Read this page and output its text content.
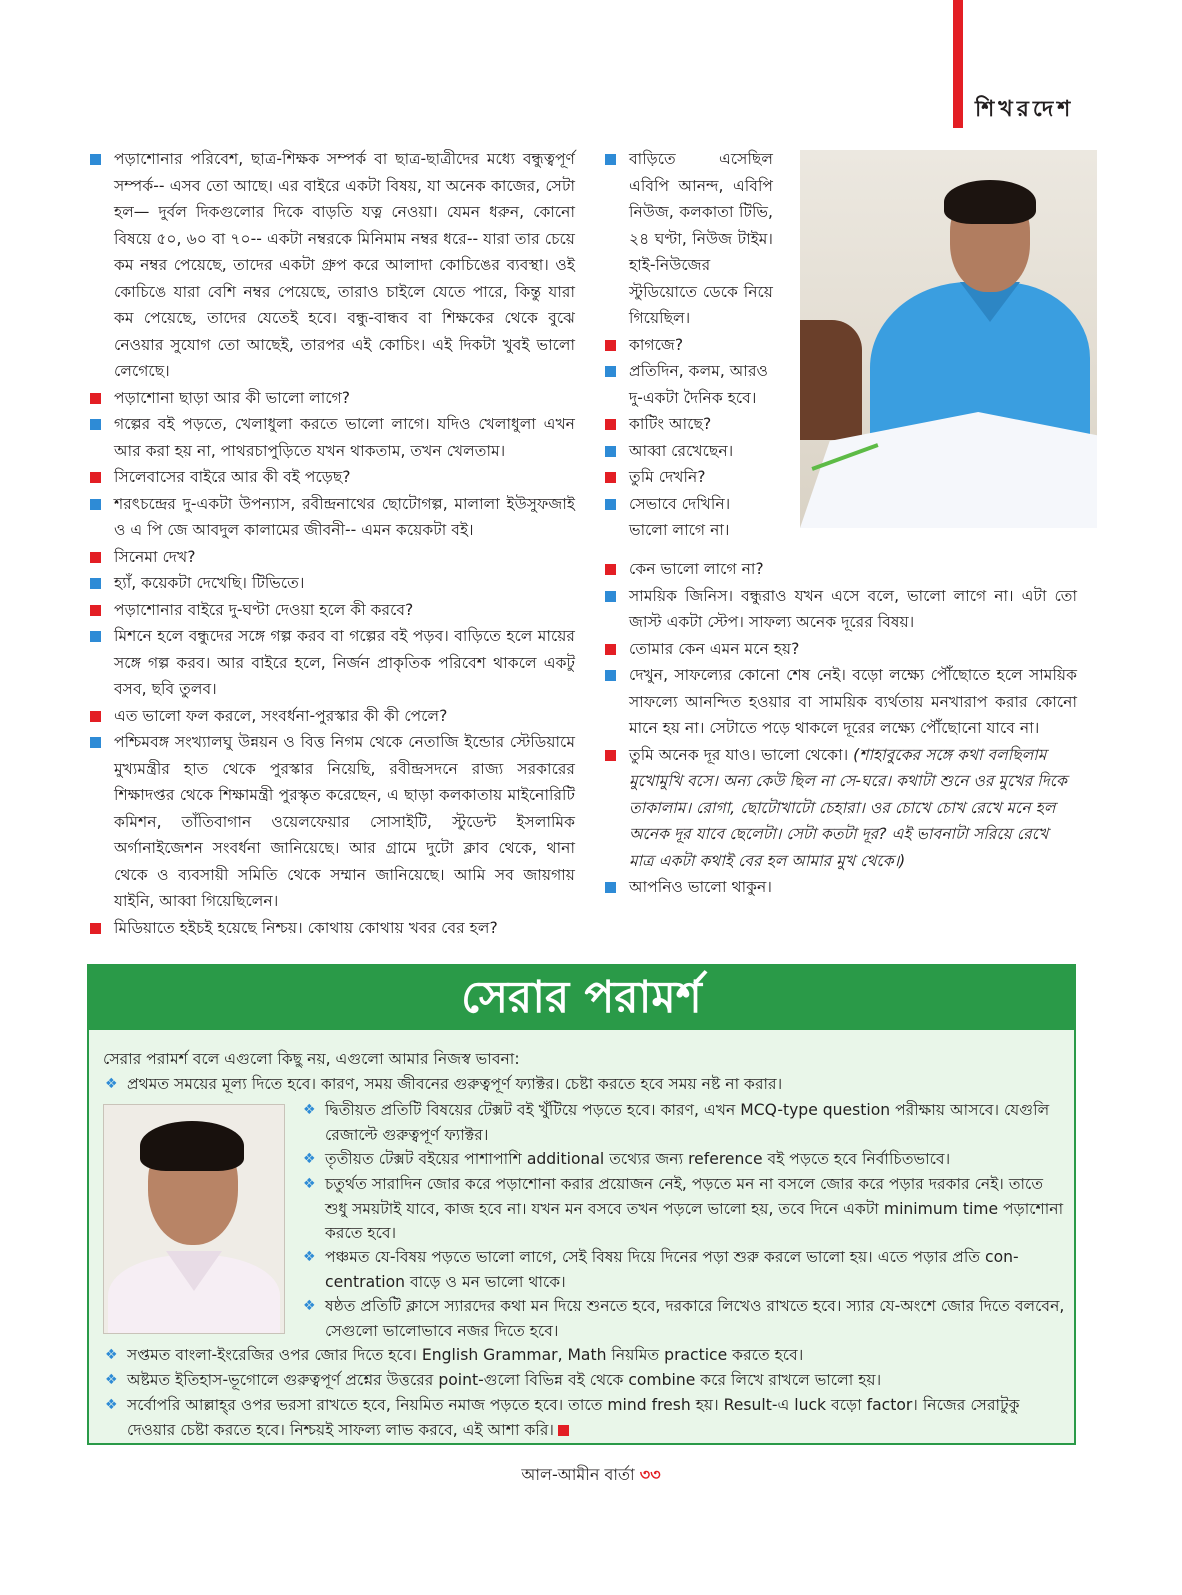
শিখরদেশ

পড়াশোনার পরিবেশ, ছাত্র-শিক্ষক সম্পর্ক বা ছাত্র-ছাত্রীদের মধ্যে বন্ধুত্বপূর্ণ সম্পর্ক-- এসব তো আছে। এর বাইরে একটা বিষয়, যা অনেক কাজের, সেটা হল— দুর্বল দিকগুলোর দিকে বাড়তি যত্ন নেওয়া। যেমন ধরুন, কোনো বিষয়ে ৫০, ৬০ বা ৭০-- একটা নম্বরকে মিনিমাম নম্বর ধরে-- যারা তার চেয়ে কম নম্বর পেয়েছে, তাদের একটা গ্রুপ করে আলাদা কোচিঙের ব্যবস্থা। ওই কোচিঙে যারা বেশি নম্বর পেয়েছে, তারাও চাইলে যেতে পারে, কিন্তু যারা কম পেয়েছে, তাদের যেতেই হবে। বন্ধু-বান্ধব বা শিক্ষকের থেকে বুঝে নেওয়ার সুযোগ তো আছেই, তারপর এই কোচিং। এই দিকটা খুবই ভালো লেগেছে।

পড়াশোনা ছাড়া আর কী ভালো লাগে?

গল্পের বই পড়তে, খেলাধুলা করতে ভালো লাগে। যদিও খেলাধুলা এখন আর করা হয় না, পাথরচাপুড়িতে যখন থাকতাম, তখন খেলতাম।

সিলেবাসের বাইরে আর কী বই পড়েছ?

শরৎচন্দ্রের দু-একটা উপন্যাস, রবীন্দ্রনাথের ছোটোগল্প, মালালা ইউসুফজাই ও এ পি জে আবদুল কালামের জীবনী-- এমন কয়েকটা বই।

সিনেমা দেখ?

হ্যাঁ, কয়েকটা দেখেছি। টিভিতে।

পড়াশোনার বাইরে দু-ঘণ্টা দেওয়া হলে কী করবে?

মিশনে হলে বন্ধুদের সঙ্গে গল্প করব বা গল্পের বই পড়ব। বাড়িতে হলে মায়ের সঙ্গে গল্প করব। আর বাইরে হলে, নির্জন প্রাকৃতিক পরিবেশ থাকলে একটু বসব, ছবি তুলব।

এত ভালো ফল করলে, সংবর্ধনা-পুরস্কার কী কী পেলে?

পশ্চিমবঙ্গ সংখ্যালঘু উন্নয়ন ও বিত্ত নিগম থেকে নেতাজি ইন্ডোর স্টেডিয়ামে মুখ্যমন্ত্রীর হাত থেকে পুরস্কার নিয়েছি, রবীন্দ্রসদনে রাজ্য সরকারের শিক্ষাদপ্তর থেকে শিক্ষামন্ত্রী পুরস্কৃত করেছেন, এ ছাড়া কলকাতায় মাইনোরিটি কমিশন, তাঁতিবাগান ওয়েলফেয়ার সোসাইটি, স্টুডেন্ট ইসলামিক অর্গানাইজেশন সংবর্ধনা জানিয়েছে। আর গ্রামে দুটো ক্লাব থেকে, থানা থেকে ও ব্যবসায়ী সমিতি থেকে সম্মান জানিয়েছে। আমি সব জায়গায় যাইনি, আব্বা গিয়েছিলেন।

মিডিয়াতে হইচই হয়েছে নিশ্চয়। কোথায় কোথায় খবর বের হল?

বাড়িতে এসেছিল এবিপি আনন্দ, এবিপি নিউজ, কলকাতা টিভি, ২৪ ঘণ্টা, নিউজ টাইম। হাই-নিউজের স্টুডিয়োতে ডেকে নিয়ে গিয়েছিল।

কাগজে?

প্রতিদিন, কলম, আরও দু-একটা দৈনিক হবে।

কাটিং আছে?

আব্বা রেখেছেন।

তুমি দেখনি?

সেভাবে দেখিনি। ভালো লাগে না।

কেন ভালো লাগে না?

সাময়িক জিনিস। বন্ধুরাও যখন এসে বলে, ভালো লাগে না। এটা তো জাস্ট একটা স্টেপ। সাফল্য অনেক দূরের বিষয়।

তোমার কেন এমন মনে হয়?

দেখুন, সাফল্যের কোনো শেষ নেই। বড়ো লক্ষ্যে পৌঁছোতে হলে সাময়িক সাফল্যে আনন্দিত হওয়ার বা সাময়িক ব্যর্থতায় মনখারাপ করার কোনো মানে হয় না। সেটাতে পড়ে থাকলে দূরের লক্ষ্যে পৌঁছোনো যাবে না।

তুমি অনেক দূর যাও। ভালো থেকো। (শাহাবুকের সঙ্গে কথা বলছিলাম মুখোমুখি বসে। অন্য কেউ ছিল না সে-ঘরে। কথাটা শুনে ওর মুখের দিকে তাকালাম। রোগা, ছোটোখাটো চেহারা। ওর চোখে চোখ রেখে মনে হল অনেক দূর যাবে ছেলেটা। সেটা কতটা দূর? এই ভাবনাটা সরিয়ে রেখে মাত্র একটা কথাই বের হল আমার মুখ থেকে।)

আপনিও ভালো থাকুন।

সেরার পরামর্শ
সেরার পরামর্শ বলে এগুলো কিছু নয়, এগুলো আমার নিজস্ব ভাবনা:
❖ প্রথমত সময়ের মূল্য দিতে হবে। কারণ, সময় জীবনের গুরুত্বপূর্ণ ফ্যাক্টর। চেষ্টা করতে হবে সময় নষ্ট না করার।
❖ দ্বিতীয়ত প্রতিটি বিষয়ের টেক্সট বই খুঁটিয়ে পড়তে হবে। কারণ, এখন MCQ-type question পরীক্ষায় আসবে। যেগুলি রেজাল্টে গুরুত্বপূর্ণ ফ্যাক্টর।
❖ তৃতীয়ত টেক্সট বইয়ের পাশাপাশি additional তথ্যের জন্য reference বই পড়তে হবে নির্বাচিতভাবে।
❖ চতুর্থত সারাদিন জোর করে পড়াশোনা করার প্রয়োজন নেই, পড়তে মন না বসলে জোর করে পড়ার দরকার নেই। তাতে শুধু সময়টাই যাবে, কাজ হবে না। যখন মন বসবে তখন পড়লে ভালো হয়, তবে দিনে একটা minimum time পড়াশোনা করতে হবে।
❖ পঞ্চমত যে-বিষয় পড়তে ভালো লাগে, সেই বিষয় দিয়ে দিনের পড়া শুরু করলে ভালো হয়। এতে পড়ার প্রতি con-centration বাড়ে ও মন ভালো থাকে।
❖ ষষ্ঠত প্রতিটি ক্লাসে স্যারদের কথা মন দিয়ে শুনতে হবে, দরকারে লিখেও রাখতে হবে। স্যার যে-অংশে জোর দিতে বলবেন, সেগুলো ভালোভাবে নজর দিতে হবে।
❖ সপ্তমত বাংলা-ইংরেজির ওপর জোর দিতে হবে। English Grammar, Math নিয়মিত practice করতে হবে।
❖ অষ্টমত ইতিহাস-ভূগোলে গুরুত্বপূর্ণ প্রশ্নের উত্তরের point-গুলো বিভিন্ন বই থেকে combine করে লিখে রাখলে ভালো হয়।
❖ সর্বোপরি আল্লাহ্‌র ওপর ভরসা রাখতে হবে, নিয়মিত নমাজ পড়তে হবে। তাতে mind fresh হয়। Result-এ luck বড়ো factor। নিজের সেরাটুকু দেওয়ার চেষ্টা করতে হবে। নিশ্চয়ই সাফল্য লাভ করবে, এই আশা করি।
আল-আমীন বার্তা ৩৩
